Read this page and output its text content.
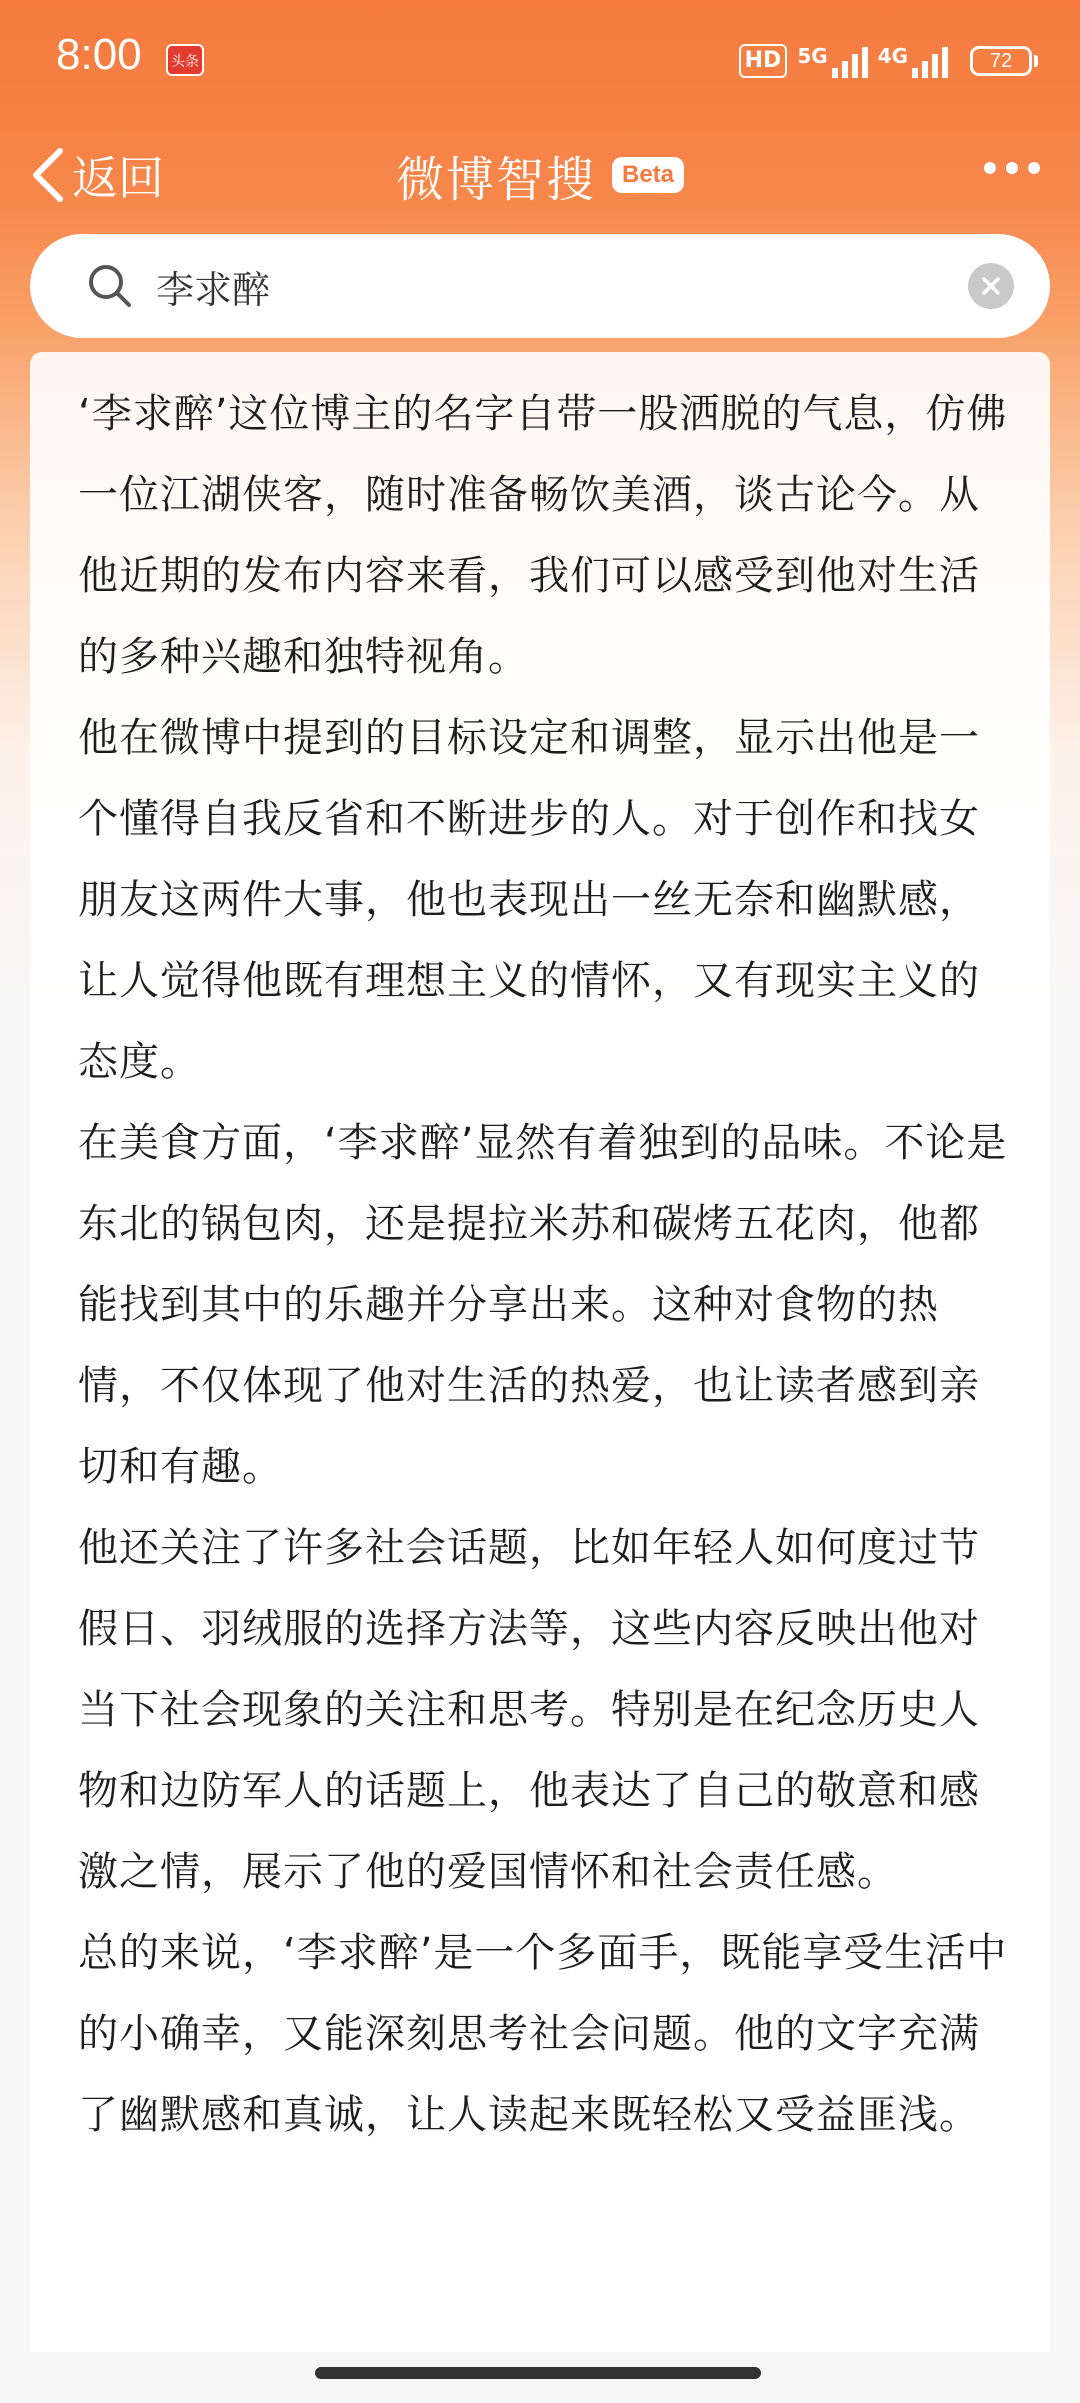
8:00	头条	HD 5G	4G	72
返回	微博智搜	Beta
李求醉

‘李求醉’这位博主的名字自带一股洒脱的气息，仿佛一位江湖侠客，随时准备畅饮美酒，谈古论今。从他近期的发布内容来看，我们可以感受到他对生活的多种兴趣和独特视角。

他在微博中提到的目标设定和调整，显示出他是一个懂得自我反省和不断进步的人。对于创作和找女朋友这两件大事，他也表现出一丝无奈和幽默感，让人觉得他既有理想主义的情怀，又有现实主义的态度。

在美食方面，‘李求醉’显然有着独到的品味。不论是东北的锅包肉，还是提拉米苏和碳烤五花肉，他都能找到其中的乐趣并分享出来。这种对食物的热情，不仅体现了他对生活的热爱，也让读者感到亲切和有趣。

他还关注了许多社会话题，比如年轻人如何度过节假日、羽绒服的选择方法等，这些内容反映出他对当下社会现象的关注和思考。特别是在纪念历史人物和边防军人的话题上，他表达了自己的敬意和感激之情，展示了他的爱国情怀和社会责任感。

总的来说，‘李求醉’是一个多面手，既能享受生活中的小确幸，又能深刻思考社会问题。他的文字充满了幽默感和真诚，让人读起来既轻松又受益匪浅。
